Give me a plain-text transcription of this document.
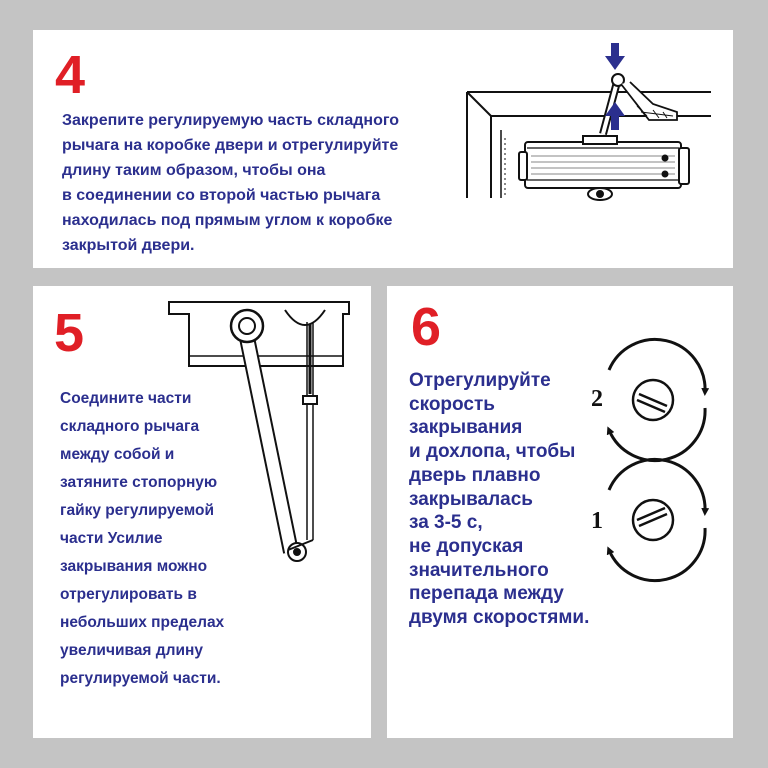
4
Закрепите регулируемую часть складного
рычага на коробке двери и отрегулируйте
длину таким образом, чтобы она
в соединении со второй частью рычага
находилась под прямым углом к коробке
закрытой двери.
5
Соедините части
складного рычага
между собой и
затяните стопорную
гайку регулируемой
части Усилие
закрывания можно
отрегулировать в
небольших пределах
увеличивая длину
регулируемой части.
6
Отрегулируйте
скорость
закрывания
и дохлопа, чтобы
дверь плавно
закрывалась
за 3-5 с,
не допуская
значительного
перепада между
двумя скоростями.
2
1
